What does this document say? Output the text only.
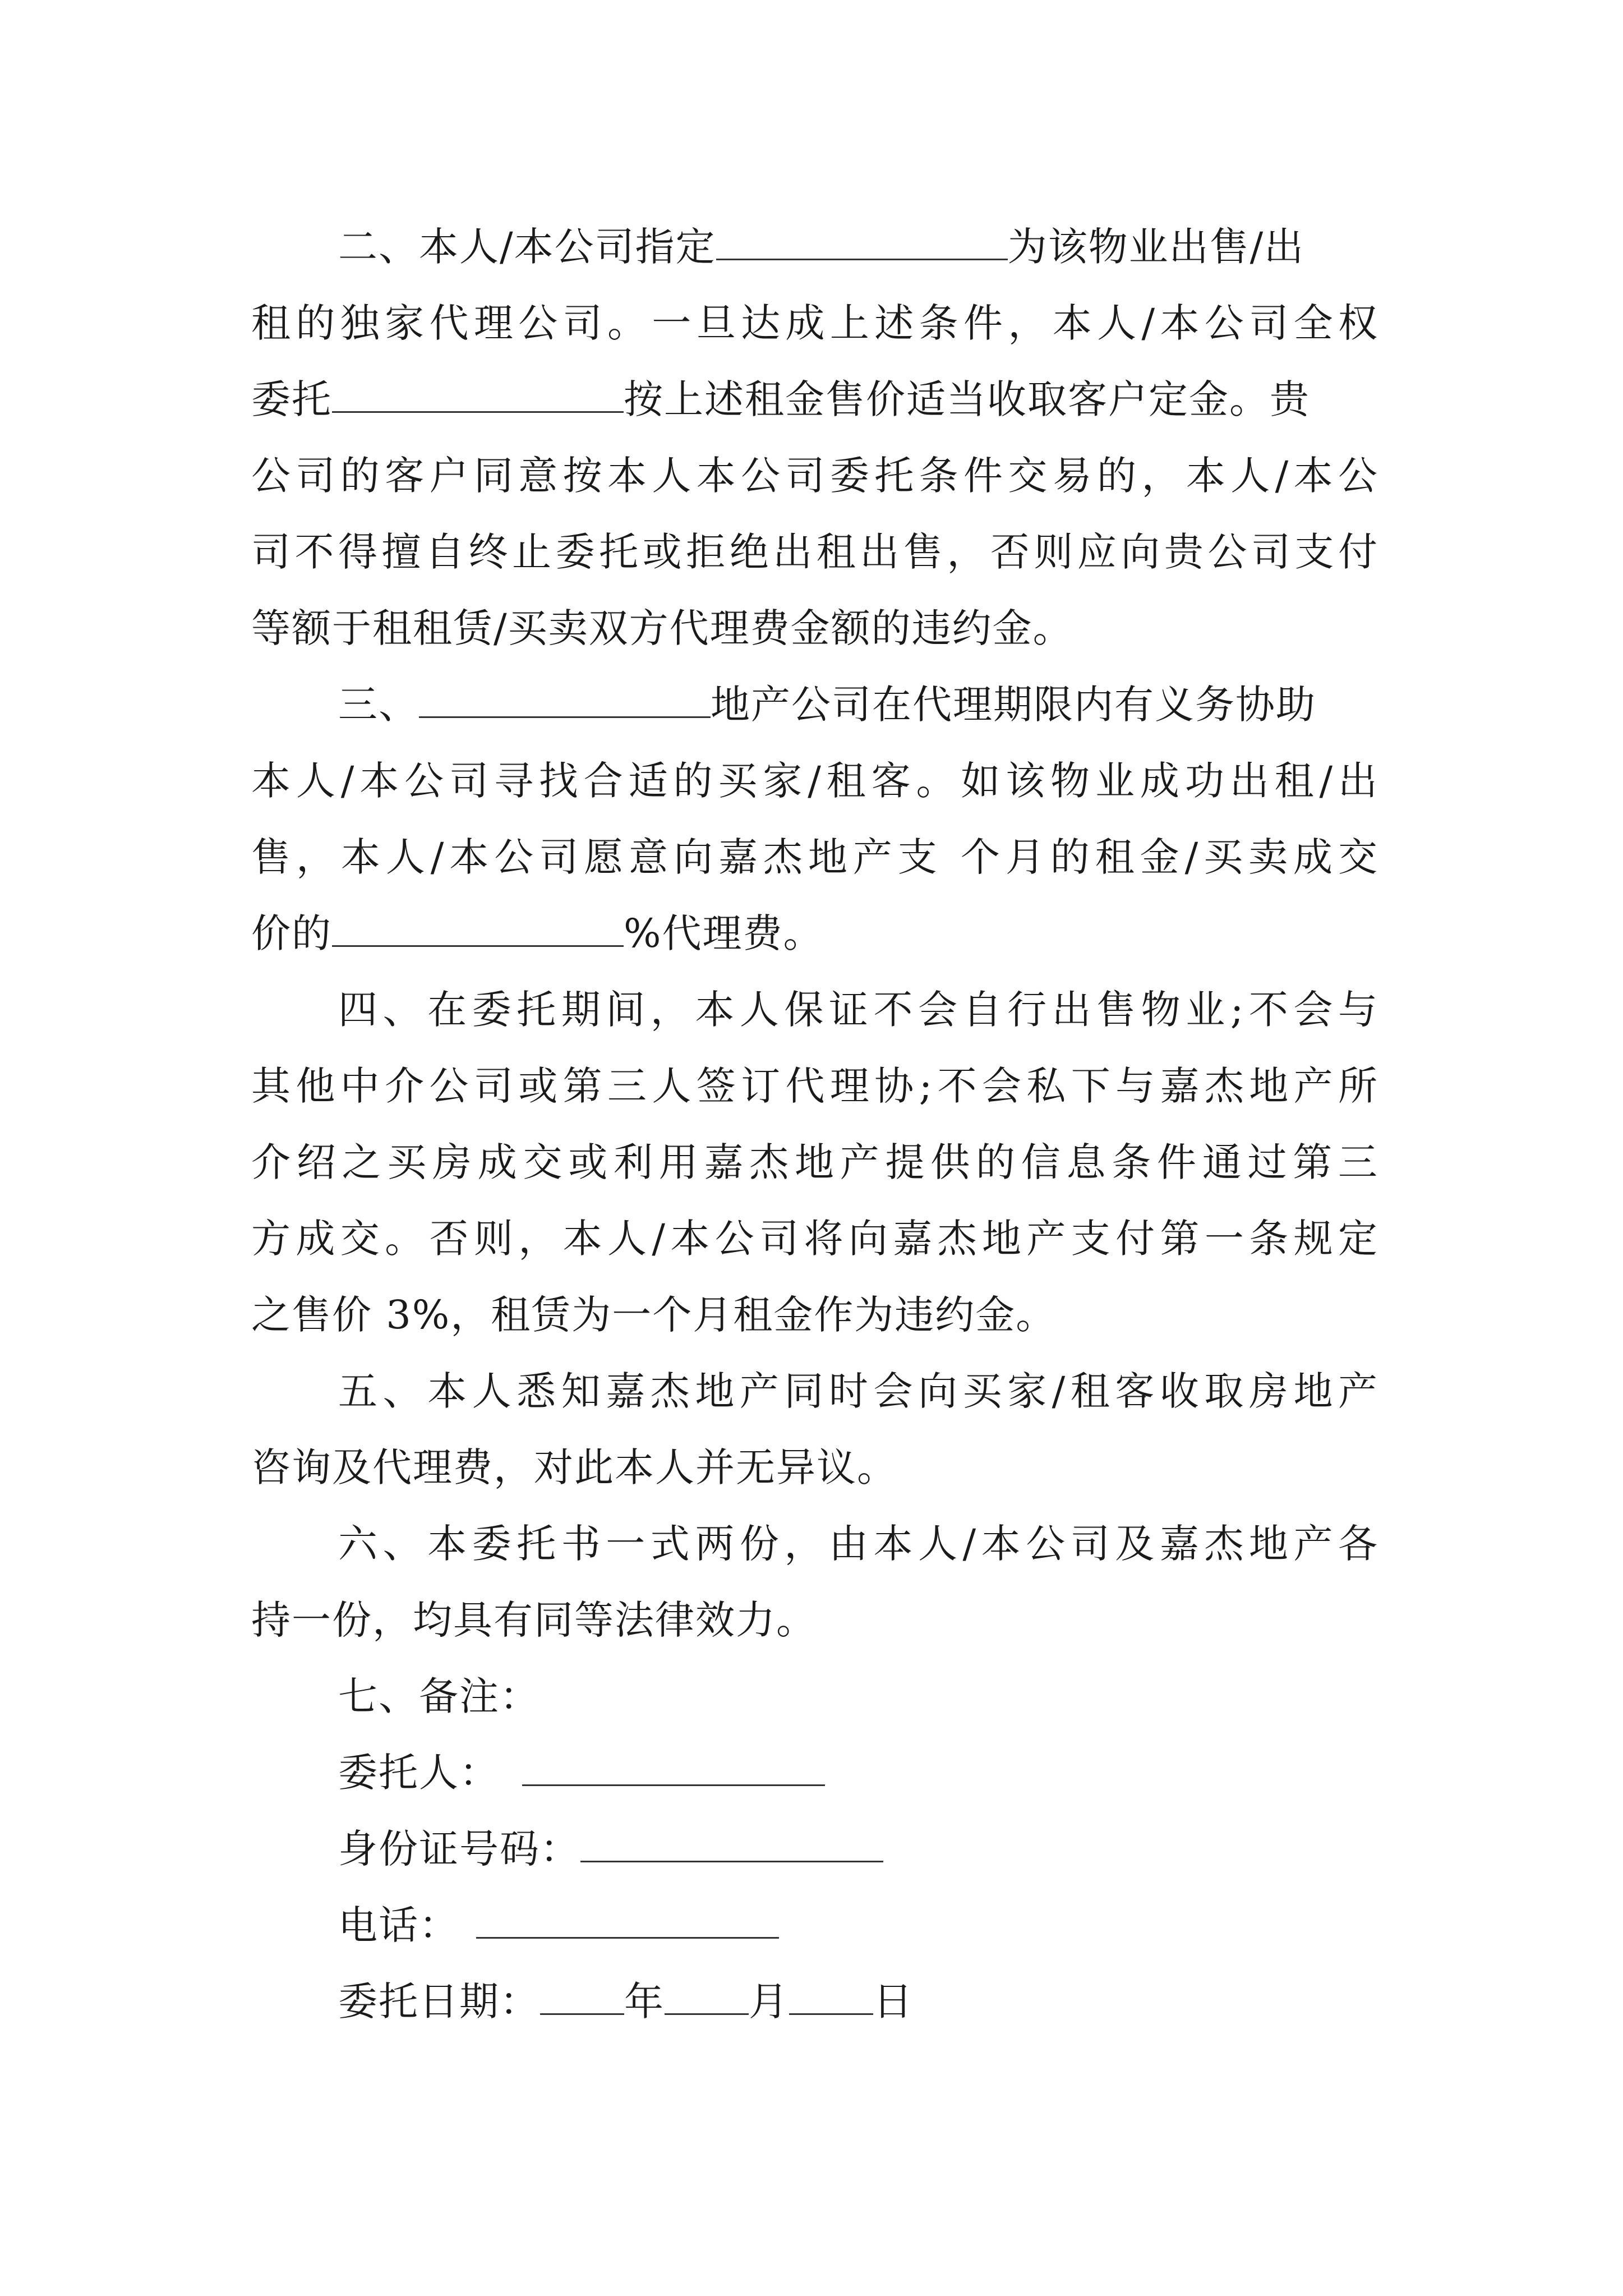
二、本人/本公司指定	为该物业出售/出
租的独家代理公司。一旦达成上述条件，本人/本公司全权
委托	按上述租金售价适当收取客户定金。贵
公司的客户同意按本人本公司委托条件交易的，本人/本公
司不得擅自终止委托或拒绝出租出售，否则应向贵公司支付
等额于租租赁/买卖双方代理费金额的违约金。
三、	地产公司在代理期限内有义务协助
本人/本公司寻找合适的买家/租客。如该物业成功出租/出
售，本人/本公司愿意向嘉杰地产支 个月的租金/买卖成交
价的	%代理费。
四、在委托期间，本人保证不会自行出售物业;不会与
其他中介公司或第三人签订代理协;不会私下与嘉杰地产所
介绍之买房成交或利用嘉杰地产提供的信息条件通过第三
方成交。否则，本人/本公司将向嘉杰地产支付第一条规定
之售价 3%，租赁为一个月租金作为违约金。
五、本人悉知嘉杰地产同时会向买家/租客收取房地产
咨询及代理费，对此本人并无异议。
六、本委托书一式两份，由本人/本公司及嘉杰地产各
持一份，均具有同等法律效力。
七、备注：
委托人：
身份证号码：
电话：
委托日期： 年 月 日
